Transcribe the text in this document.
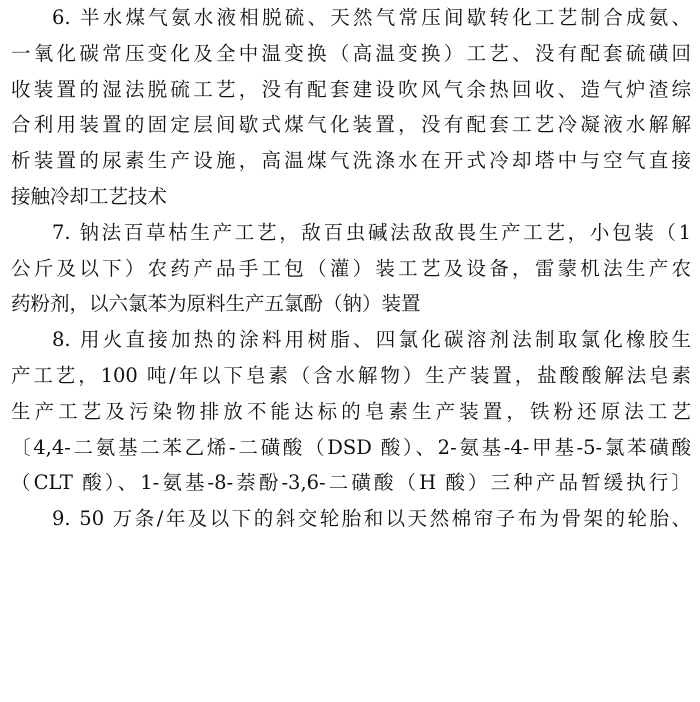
6. 半水煤气氨水液相脱硫、天然气常压间歇转化工艺制合成氨、
一氧化碳常压变化及全中温变换（高温变换）工艺、没有配套硫磺回
收装置的湿法脱硫工艺，没有配套建设吹风气余热回收、造气炉渣综
合利用装置的固定层间歇式煤气化装置，没有配套工艺冷凝液水解解
析装置的尿素生产设施，高温煤气洗涤水在开式冷却塔中与空气直接
接触冷却工艺技术
7. 钠法百草枯生产工艺，敌百虫碱法敌敌畏生产工艺，小包装（1
公斤及以下）农药产品手工包（灌）装工艺及设备，雷蒙机法生产农
药粉剂，以六氯苯为原料生产五氯酚（钠）装置
8. 用火直接加热的涂料用树脂、四氯化碳溶剂法制取氯化橡胶生
产工艺，100 吨/年以下皂素（含水解物）生产装置，盐酸酸解法皂素
生产工艺及污染物排放不能达标的皂素生产装置，铁粉还原法工艺
〔4,4-二氨基二苯乙烯-二磺酸（DSD 酸）、2-氨基-4-甲基-5-氯苯磺酸
（CLT 酸）、1-氨基-8-萘酚-3,6-二磺酸（H 酸）三种产品暂缓执行〕
9. 50 万条/年及以下的斜交轮胎和以天然棉帘子布为骨架的轮胎、
